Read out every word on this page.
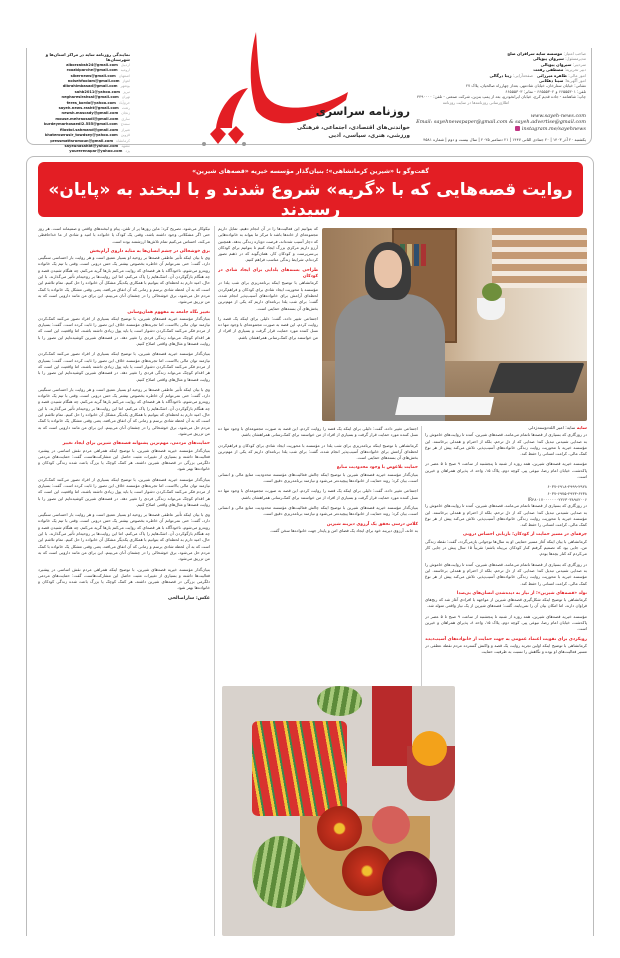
نمایندگی روزنامه سایه در مراکز استان‌ها و شهرستان‌ها
alborzabsh24@gmail.com اردبیل
roozbiparche@gmail.com ارومیه
sibernews@gmail.com اصفهان
noisehfoolam@gmail.com اهواز
dibrahimbasad@gmail.com بوشهر
sahb2011@yahoo.com تبریز
negharesirahsal@gmail.com تهران
feres_kordo@yahoo.com خرم‌آباد
sayeh.news.rasht@gmail.com رشت
newsh.mascady@gmail.com زنجان
mouse.mehraosadi@gmail.com ساری
kurdeymarhosaedi2.555@gmail.com سنندج
filostol.sahmand@gmail.com شیراز
khaterowrusir_towdsey@yahoo.com قزوین
pressmattsromoun@gmail.com کرمانشاه
sayeunasahbt@yahoo.com مشهد
yourerenapar@yahoo.com یزد
روزنامه سراسری
خواندنی‌های اقتصادی، اجتماعی، فرهنگی
ورزشی، هنری، سیاسی، ادبی
صاحب امتیاز: موسسه سایه سراقزان صلح
مدیرمسئول: سیروان پیوپالی
سردبیر: سیروان پیوپالی
دبیر تحریریه: مصطفی رفعت
امور مالی: طاهره میرزائی   صفحه‌آرایی: زیبا درگالی
امور آگهی‌ها: سینا دهکانی
نشانی: خیابان ستارخان، خیابان شادمهر، بعداز چهارراه صالحیان، پلاک ۲۷
تلفن: ۶۶۵۵۵۳۰۱ و ۶۶۵۵۵۳۰۲ - نمابر: ۶۶۵۵۵۳۰۳
چاپ: شاهنامه - جاده قدیم کرج، خیابان ایرانخودرو، بعد از پمپ بنزین، شرکت صنعتی - تلفن: ۴۴۹۰۰۰۰
اطلاع‌رسانی روزنامه‌ها در سایت روزنامه
www.sayeh-news.com
Email: sayehnewspaper@gmail.com & sayeh.advertise@gmail.com
instagram.me/sayehnews
یکشنبه ۲۰ آذر ۱۴۰۳ | ۲۰ جمادی الثانی ۱۴۴۷ | ۲۱ دسامبر ۲۰۲۵ | سال بیست و دوم | شماره ۴۵۸۱
گفت‌وگو با «شیرین کرمانشاهی»؛ بنیان‌گذار مؤسسه خیریه «قصه‌های شیرین»
روایت قصه‌هایی که با «گریه» شروع شدند و با لبخند به «پایان» رسیدند

نیکوکار می‌شود. تصریح کرد: ماین روزها پر از تلفن، پیام و لبخند‌های واقعی و صمیمانه است. هر روز حتی اگر مشکلاتی وجود داشته باشد، وقتی یک کودک یا خانواده با امید و شادی از ما خداحافظی می‌کند، احساس می‌کنیم تمام تلاش‌ها ارزشمند بوده است.

برق خوشحالی در چشم انسان‌ها به مثابه داروی آرام‌بخش

وی با بیان اینکه تأثیر عاطفی قصه‌ها بر روحیه او بسیار عمیق است و هر روایت بار احساسی سنگینی دارد، گفت: حتی نمی‌توانم آن خاطره بخصوص بیشتر یک حس درونی است، وقتی با تیم یک خانواده روبه‌رو می‌شوم، ناخودآگاه با هر قصه‌ای که روایت می‌کنم بارها گریه می‌کنم، چه هنگام شنیدن قصه و چه هنگام بازگوکردن آن. اشک‌هایم را پاک می‌کنم، اما این روایت‌ها بر روحیه‌ام تأثیر می‌گذارند. با این حال، امید دارم به لحظه‌ای که بتوانیم با همکاری یکدیگر مشکل آن خانواده را حل کنیم. تمام تلاشم این است که به آن لحظه شادی برسم و زمانی که آن اتفاق می‌افتد، یعنی وقتی مشکل یک خانواده با کمک مردم حل می‌شود، برق خوشحالی را در چشمان آنان می‌بینم. این برای من مانند دارویی است که به من تزریق می‌شود.

تغییر نگاه جامعه به مفهوم همان‌وسانی

بنیان‌گذار مؤسسه خیریه قصه‌های شیرین، با توضیح اینکه بسیاری از افراد تصور می‌کنند کمک‌کردن نیازمند توان مالی بالاست، اما تجربه‌های مؤسسه خلاف این تصور را ثابت کرده است. گفت: بسیاری از مردم فکر می‌کنند کمک‌کردن دشوار است یا باید پول زیادی داشته باشند، اما واقعیت این است که هر اقدام کوچک می‌تواند زندگی فردی را تغییر دهد. در قصه‌های شیرین کوشیده‌ایم این تصور را با روایت قصه‌ها و مثال‌های واقعی اصلاح کنیم.

بنیان‌گذار مؤسسه خیریه قصه‌های شیرین، با توضیح اینکه بسیاری از افراد تصور می‌کنند کمک‌کردن نیازمند توان مالی بالاست، اما تجربه‌های مؤسسه خلاف این تصور را ثابت کرده است. گفت: بسیاری از مردم فکر می‌کنند کمک‌کردن دشوار است یا باید پول زیادی داشته باشند، اما واقعیت این است که هر اقدام کوچک می‌تواند زندگی فردی را تغییر دهد. در قصه‌های شیرین کوشیده‌ایم این تصور را با روایت قصه‌ها و مثال‌های واقعی اصلاح کنیم.

وی با بیان اینکه تأثیر عاطفی قصه‌ها بر روحیه او بسیار عمیق است و هر روایت بار احساسی سنگینی دارد، گفت: حتی نمی‌توانم آن خاطره بخصوص بیشتر یک حس درونی است، وقتی با تیم یک خانواده روبه‌رو می‌شوم، ناخودآگاه با هر قصه‌ای که روایت می‌کنم بارها گریه می‌کنم، چه هنگام شنیدن قصه و چه هنگام بازگوکردن آن. اشک‌هایم را پاک می‌کنم، اما این روایت‌ها بر روحیه‌ام تأثیر می‌گذارند. با این حال، امید دارم به لحظه‌ای که بتوانیم با همکاری یکدیگر مشکل آن خانواده را حل کنیم. تمام تلاشم این است که به آن لحظه شادی برسم و زمانی که آن اتفاق می‌افتد، یعنی وقتی مشکل یک خانواده با کمک مردم حل می‌شود، برق خوشحالی را در چشمان آنان می‌بینم. این برای من مانند دارویی است که به من تزریق می‌شود.

حمایت‌های مردمی، مهم‌ترین پشتوانه قصه‌های شیرین برای ایجاد تغییر

بنیان‌گذار مؤسسه خیریه قصه‌های شیرین، با توضیح اینکه همراهی مردم نقش اساسی در پیشبرد فعالیت‌ها داشته و بسیاری از تغییرات مثبت حاصل این مشارکت‌هاست، گفت: حمایت‌های مردمی دلگرمی بزرگی در قصه‌های شیرین داشته، هر کمک کوچک یا بزرگ باعث شده زندگی کودکان و خانواده‌ها بهتر شود.

بنیان‌گذار مؤسسه خیریه قصه‌های شیرین، با توضیح اینکه بسیاری از افراد تصور می‌کنند کمک‌کردن نیازمند توان مالی بالاست، اما تجربه‌های مؤسسه خلاف این تصور را ثابت کرده است. گفت: بسیاری از مردم فکر می‌کنند کمک‌کردن دشوار است یا باید پول زیادی داشته باشند، اما واقعیت این است که هر اقدام کوچک می‌تواند زندگی فردی را تغییر دهد. در قصه‌های شیرین کوشیده‌ایم این تصور را با روایت قصه‌ها و مثال‌های واقعی اصلاح کنیم.

وی با بیان اینکه تأثیر عاطفی قصه‌ها بر روحیه او بسیار عمیق است و هر روایت بار احساسی سنگینی دارد، گفت: حتی نمی‌توانم آن خاطره بخصوص بیشتر یک حس درونی است، وقتی با تیم یک خانواده روبه‌رو می‌شوم، ناخودآگاه با هر قصه‌ای که روایت می‌کنم بارها گریه می‌کنم، چه هنگام شنیدن قصه و چه هنگام بازگوکردن آن. اشک‌هایم را پاک می‌کنم، اما این روایت‌ها بر روحیه‌ام تأثیر می‌گذارند. با این حال، امید دارم به لحظه‌ای که بتوانیم با همکاری یکدیگر مشکل آن خانواده را حل کنیم. تمام تلاشم این است که به آن لحظه شادی برسم و زمانی که آن اتفاق می‌افتد، یعنی وقتی مشکل یک خانواده با کمک مردم حل می‌شود، برق خوشحالی را در چشمان آنان می‌بینم. این برای من مانند دارویی است که به من تزریق می‌شود.

بنیان‌گذار مؤسسه خیریه قصه‌های شیرین، با توضیح اینکه همراهی مردم نقش اساسی در پیشبرد فعالیت‌ها داشته و بسیاری از تغییرات مثبت حاصل این مشارکت‌هاست، گفت: حمایت‌های مردمی دلگرمی بزرگی در قصه‌های شیرین داشته، هر کمک کوچک یا بزرگ باعث شده زندگی کودکان و خانواده‌ها بهتر شود.

عکس: ساراصالحی

که بتوانیم این فعالیت‌ها را در آن انجام دهیم، تمایل داریم مجموعه‌ای از خانه‌ها باشد تا مرکز ما بتواند به خانواده‌هایی که دچار آسیب شده‌اند، فرصت دوباره زندگی بدهد. همچنین آرزو داریم مرکزی بزرگ ایجاد کنیم تا بتوانیم برای کودکان بی‌سرپرست و کودکان کار، همان‌گونه که در ذهنم تصور کرده‌ام، شرایط زندگی مناسب فراهم کنیم.

طراحی بسته‌های یلدایی برای ایجاد شادی در کودکان

کرمانشاهی با توضیح اینکه برنامه‌ریزی برای شب یلدا در مؤسسه با محوریت ایجاد شادی برای کودکان و فراهم‌کردن لحظه‌ای آرامش برای خانواده‌های آسیب‌پذیر انجام شده، گفت: برای شب یلدا برنامه‌ای داریم که یکی از مهم‌ترین بخش‌های آن بسته‌های حمایتی است.

اجتماعی تغییر داده، گفت: دلیلی برای اینکه یک قصه را روایت کردم، این قصه به صورت مجموعه‌ای با وجود تنها ده نسل کننده مورد حمایت قرار گرفت و بسیاری از افراد از من خواستند برای کمک‌رسانی همراهشان باشم.

اجتماعی تغییر داده، گفت: دلیلی برای اینکه یک قصه را روایت کردم، این قصه به صورت مجموعه‌ای با وجود تنها ده نسل کننده مورد حمایت قرار گرفت و بسیاری از افراد از من خواستند برای کمک‌رسانی همراهشان باشم.

کرمانشاهی با توضیح اینکه برنامه‌ریزی برای شب یلدا در مؤسسه با محوریت ایجاد شادی برای کودکان و فراهم‌کردن لحظه‌ای آرامش برای خانواده‌های آسیب‌پذیر انجام شده، گفت: برای شب یلدا برنامه‌ای داریم که یکی از مهم‌ترین بخش‌های آن بسته‌های حمایتی است.

حمایت بلاعوض با وجود محدودیت منابع

بنیان‌گذار مؤسسه خیریه قصه‌های شیرین با توضیح اینکه چالش فعالیت‌های مؤسسه محدودیت منابع مالی و انسانی است، بیان کرد: روند حمایت از خانواده‌ها پیچیده‌تر می‌شود و نیازمند برنامه‌ریزی دقیق است.

اجتماعی تغییر داده، گفت: دلیلی برای اینکه یک قصه را روایت کردم، این قصه به صورت مجموعه‌ای با وجود تنها ده نسل کننده مورد حمایت قرار گرفت و بسیاری از افراد از من خواستند برای کمک‌رسانی همراهشان باشم.

بنیان‌گذار مؤسسه خیریه قصه‌های شیرین با توضیح اینکه چالش فعالیت‌های مؤسسه محدودیت منابع مالی و انسانی است، بیان کرد: روند حمایت از خانواده‌ها پیچیده‌تر می‌شود و نیازمند برنامه‌ریزی دقیق است.

کلاس درسی تحقق یک آرزوی دیرینه شیرین

به خانه، آرزوی دیرینه خود برای ایجاد یک فضای امن و پایدار جهت خانواده‌ها سخن گفت.

سایه سایه: امیر الله‌دوسته‌زدلی

در روزگاری که بسیاری از قصه‌ها ناتمام می‌مانند، قصه‌های شیرین، آمده تا روایت‌های خاموش را به صدایی شنیدنی تبدیل کند؛ صدایی که از دل ترحم، بلکه از احترام و همدلی برخاسته. این مؤسسه خیریه با محوریت روایت زندگی خانواده‌های آسیب‌پذیر، تلاش می‌کند پیش از هر نوع کمک مالی، کرامت انسانی را حفظ کند.

مؤسسه خیریه قصه‌های شیرین، همه روزه از شنبه تا پنجشنبه از ساعت ۹ صبح تا ۵ عصر در پاکدشت، خیابان امام رضا، نبوغی پیر، کوچه دوم، پلاک ۱۵، واحد ۸، پذیرای همراهان و خیرین است.

۶۰۳۷-۶۹۱۸-۲۹۹۹-۲۹۲۸
۶۰۳۷-۶۹۷۵-۲۹۴۳-۶۴۳۸
IR۴۸۰۱۷۰۰۰۰۰۰۰۲۲۶۳۰۳۸۹۸۲۰۰۶

در روزگاری که بسیاری از قصه‌ها ناتمام می‌مانند، قصه‌های شیرین، آمده تا روایت‌های خاموش را به صدایی شنیدنی تبدیل کند؛ صدایی که از دل ترحم، بلکه از احترام و همدلی برخاسته. این مؤسسه خیریه با محوریت روایت زندگی خانواده‌های آسیب‌پذیر، تلاش می‌کند پیش از هر نوع کمک مالی، کرامت انسانی را حفظ کند.

جرقه‌ای در مسیر حمایت از کودکان؛ بازیابی احساس درونی

کرمانشاهی با بیان اینکه آغاز مسیر حمایتی او به سال‌ها نوجوانی بازمی‌گردد، گفت: نقطه زندگی من، جایی بود که تصمیم گرفتم کنار کودکان بی‌پناه باشم؛ تقریباً ۱۵ سال پیش در جایی کار می‌کردم که کنار بچه‌ها بودم.

در روزگاری که بسیاری از قصه‌ها ناتمام می‌مانند، قصه‌های شیرین، آمده تا روایت‌های خاموش را به صدایی شنیدنی تبدیل کند؛ صدایی که از دل ترحم، بلکه از احترام و همدلی برخاسته. این مؤسسه خیریه با محوریت روایت زندگی خانواده‌های آسیب‌پذیر، تلاش می‌کند پیش از هر نوع کمک مالی، کرامت انسانی را حفظ کند.

تولد «قصه‌های شیرین»؛ از نیاز به دیده‌شدن انسان‌های بی‌صدا

کرمانشاهی با توضیح اینکه شکل‌گیری قصه‌های شیرین از مواجهه با افرادی آغاز شد که رنج‌های فراوان دارند، اما امکان بیان آن را نمی‌یابند، گفت: قصه‌های شیرین از یک نیاز واقعی متولد شد.

مؤسسه خیریه قصه‌های شیرین، همه روزه از شنبه تا پنجشنبه از ساعت ۹ صبح تا ۵ عصر در پاکدشت، خیابان امام رضا، نبوغی پیر، کوچه دوم، پلاک ۱۵، واحد ۸، پذیرای همراهان و خیرین است.

رویکردی برای تقویت اعتماد عمومی به جهت حمایت از خانواده‌های آسیب‌دیده

کرمانشاهی با توضیح اینکه اولین تجربه روایت یک قصه و واکنش گسترده مردم نقطه عطفی در مسیر فعالیت‌های او بوده و نگاهش را نسبت به ظرفیت حمایت
